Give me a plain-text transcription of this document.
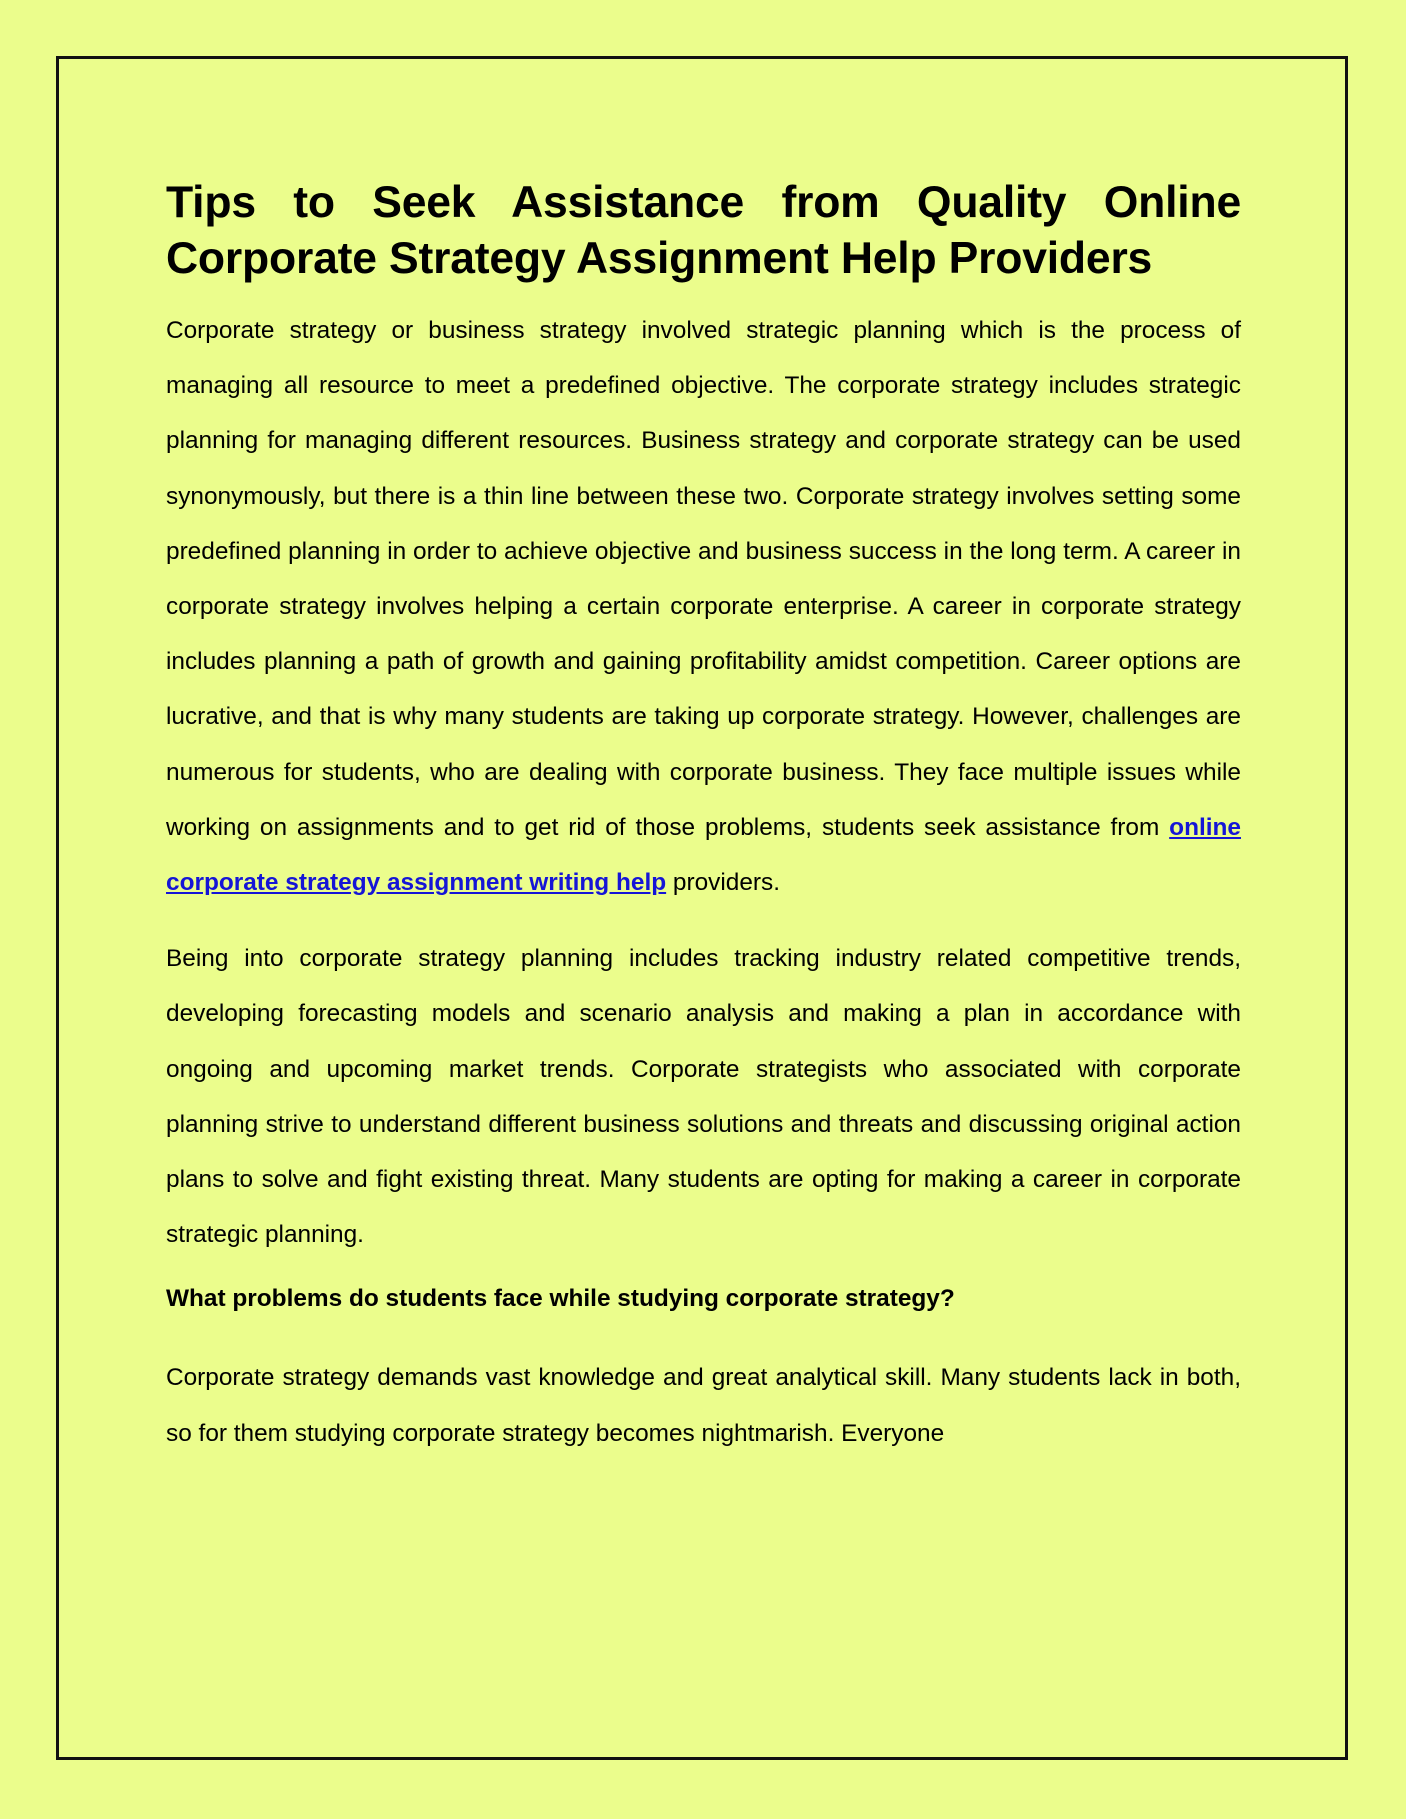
Tips to Seek Assistance from Quality Online
Corporate Strategy Assignment Help Providers

Corporate strategy or business strategy involved strategic planning which is the process of managing all resource to meet a predefined objective. The corporate strategy includes strategic planning for managing different resources. Business strategy and corporate strategy can be used synonymously, but there is a thin line between these two. Corporate strategy involves setting some predefined planning in order to achieve objective and business success in the long term. A career in corporate strategy involves helping a certain corporate enterprise. A career in corporate strategy includes planning a path of growth and gaining profitability amidst competition. Career options are lucrative, and that is why many students are taking up corporate strategy. However, challenges are numerous for students, who are dealing with corporate business. They face multiple issues while working on assignments and to get rid of those problems, students seek assistance from online corporate strategy assignment writing help providers.

Being into corporate strategy planning includes tracking industry related competitive trends, developing forecasting models and scenario analysis and making a plan in accordance with ongoing and upcoming market trends. Corporate strategists who associated with corporate planning strive to understand different business solutions and threats and discussing original action plans to solve and fight existing threat. Many students are opting for making a career in corporate strategic planning.

What problems do students face while studying corporate strategy?

Corporate strategy demands vast knowledge and great analytical skill. Many students lack in both, so for them studying corporate strategy becomes nightmarish. Everyone
